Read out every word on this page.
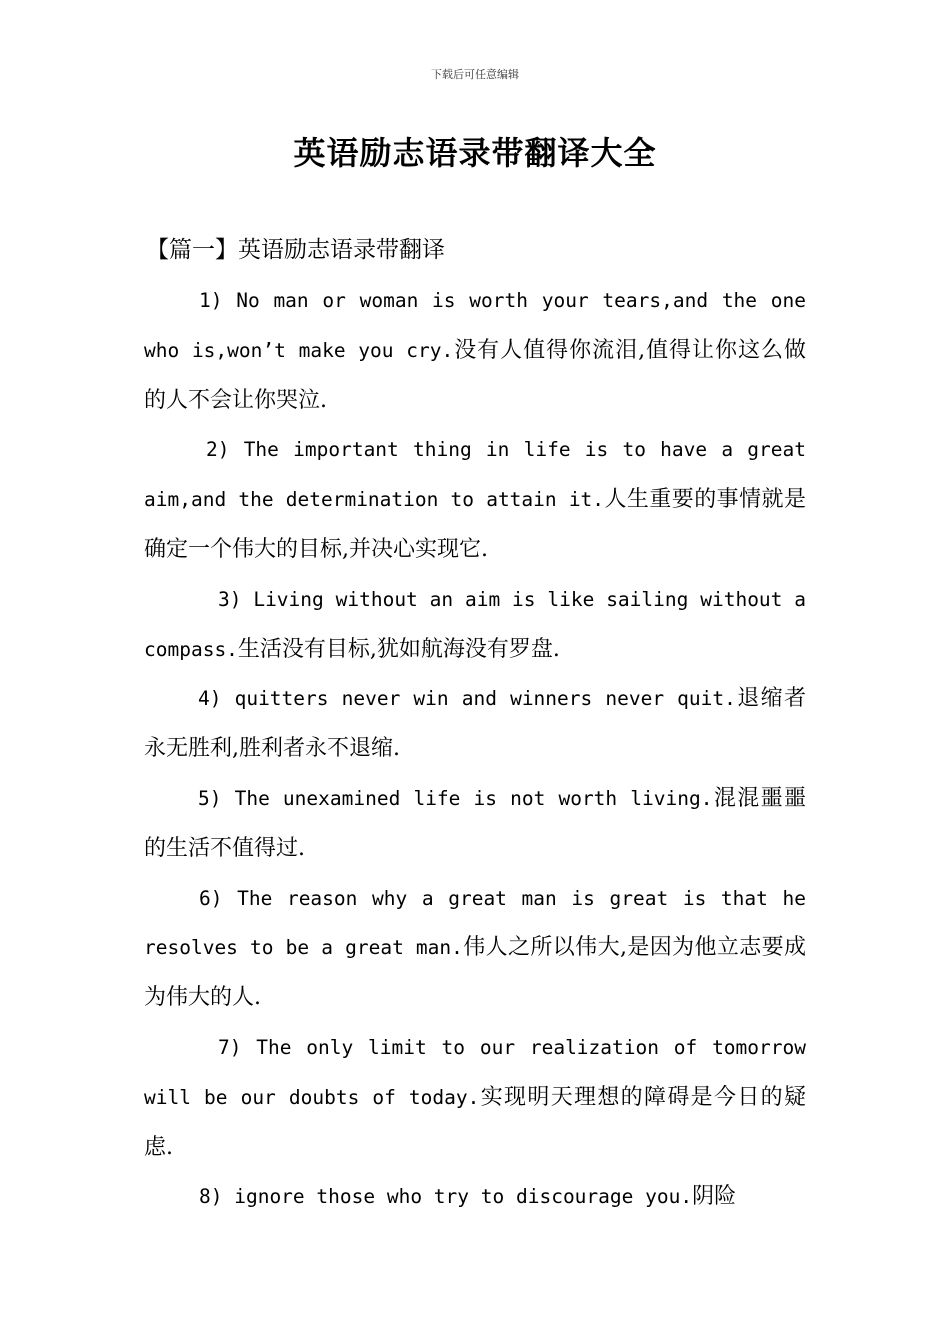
下载后可任意编辑
英语励志语录带翻译大全
【篇一】英语励志语录带翻译

1) No man or woman is worth your tears,and the one who is,won’t make you cry.没有人值得你流泪,值得让你这么做的人不会让你哭泣.

2) The important thing in life is to have a great aim,and the determination to attain it.人生重要的事情就是确定一个伟大的目标,并决心实现它.

3) Living without an aim is like sailing without a compass.生活没有目标,犹如航海没有罗盘.

4) quitters never win and winners never quit.退缩者永无胜利,胜利者永不退缩.

5) The unexamined life is not worth living.混混噩噩的生活不值得过.

6) The reason why a great man is great is that he resolves to be a great man.伟人之所以伟大,是因为他立志要成为伟大的人.

7) The only limit to our realization of tomorrow will be our doubts of today.实现明天理想的障碍是今日的疑虑.

8) ignore those who try to discourage you.阴险
